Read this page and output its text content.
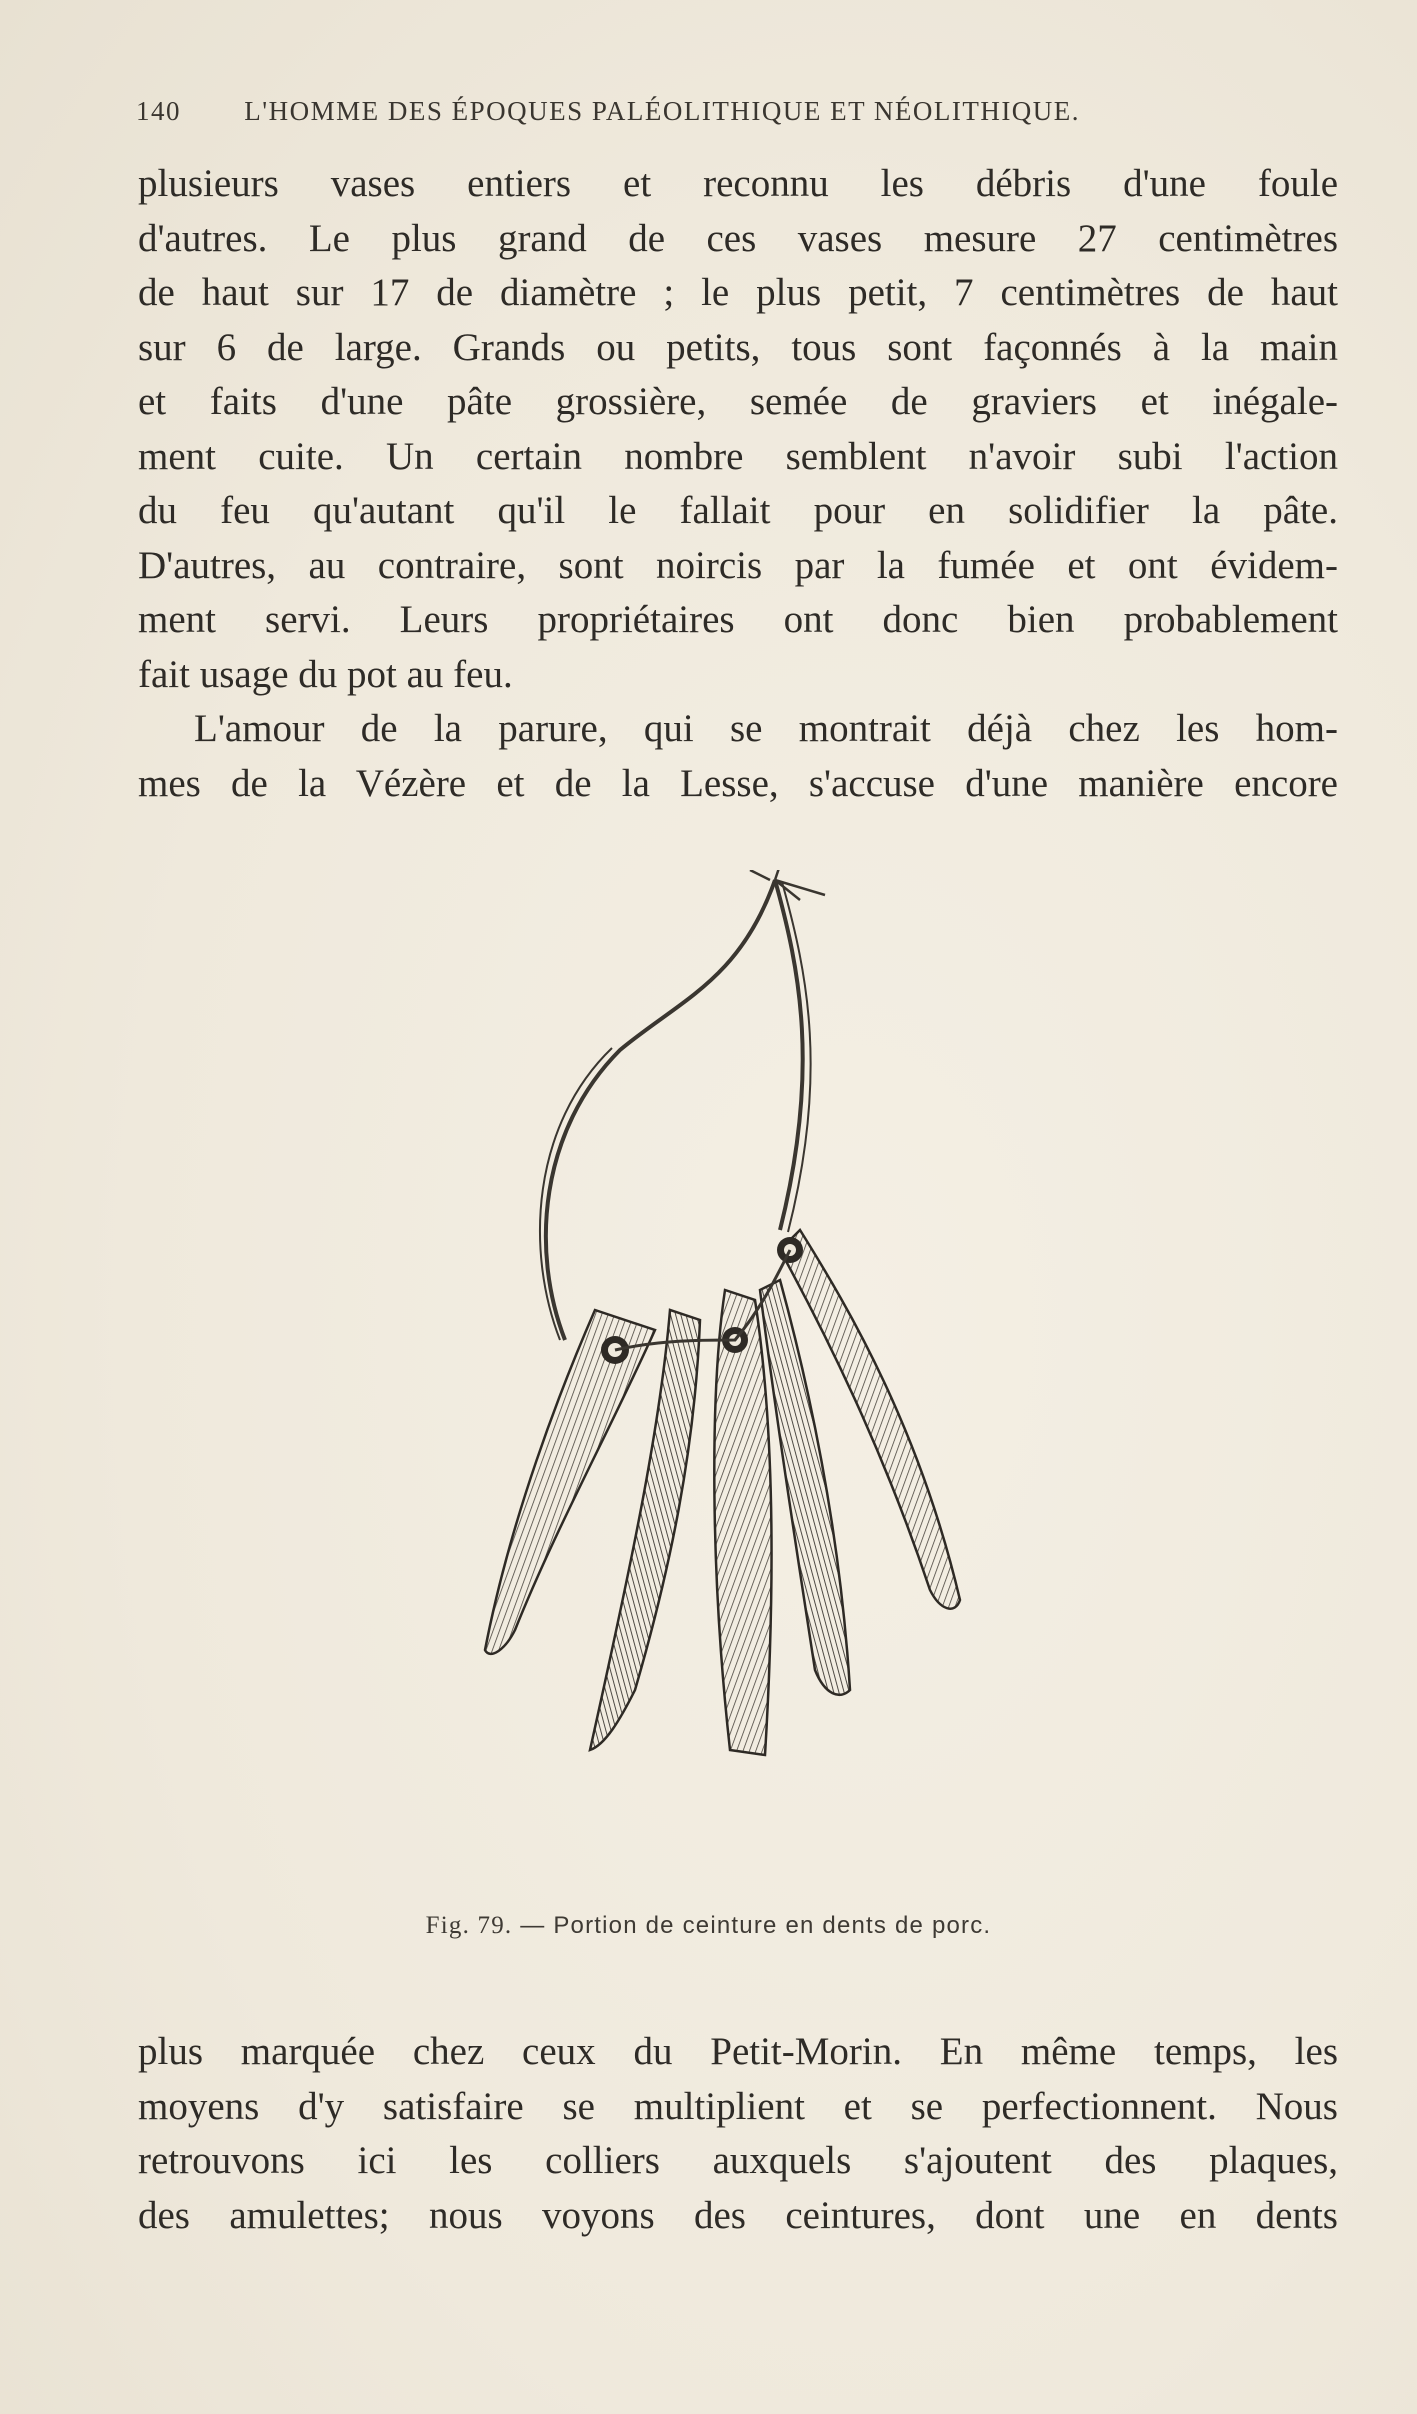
140 L'HOMME DES ÉPOQUES PALÉOLITHIQUE ET NÉOLITHIQUE.

plusieurs vases entiers et reconnu les débris d'une foule

d'autres. Le plus grand de ces vases mesure 27 centimètres

de haut sur 17 de diamètre ; le plus petit, 7 centimètres de haut

sur 6 de large. Grands ou petits, tous sont façonnés à la main

et faits d'une pâte grossière, semée de graviers et inégale-

ment cuite. Un certain nombre semblent n'avoir subi l'action

du feu qu'autant qu'il le fallait pour en solidifier la pâte.

D'autres, au contraire, sont noircis par la fumée et ont évidem-

ment servi. Leurs propriétaires ont donc bien probablement

fait usage du pot au feu.

L'amour de la parure, qui se montrait déjà chez les hom-

mes de la Vézère et de la Lesse, s'accuse d'une manière encore

Fig. 79. — Portion de ceinture en dents de porc.

plus marquée chez ceux du Petit-Morin. En même temps, les

moyens d'y satisfaire se multiplient et se perfectionnent. Nous

retrouvons ici les colliers auxquels s'ajoutent des plaques,

des amulettes; nous voyons des ceintures, dont une en dents
